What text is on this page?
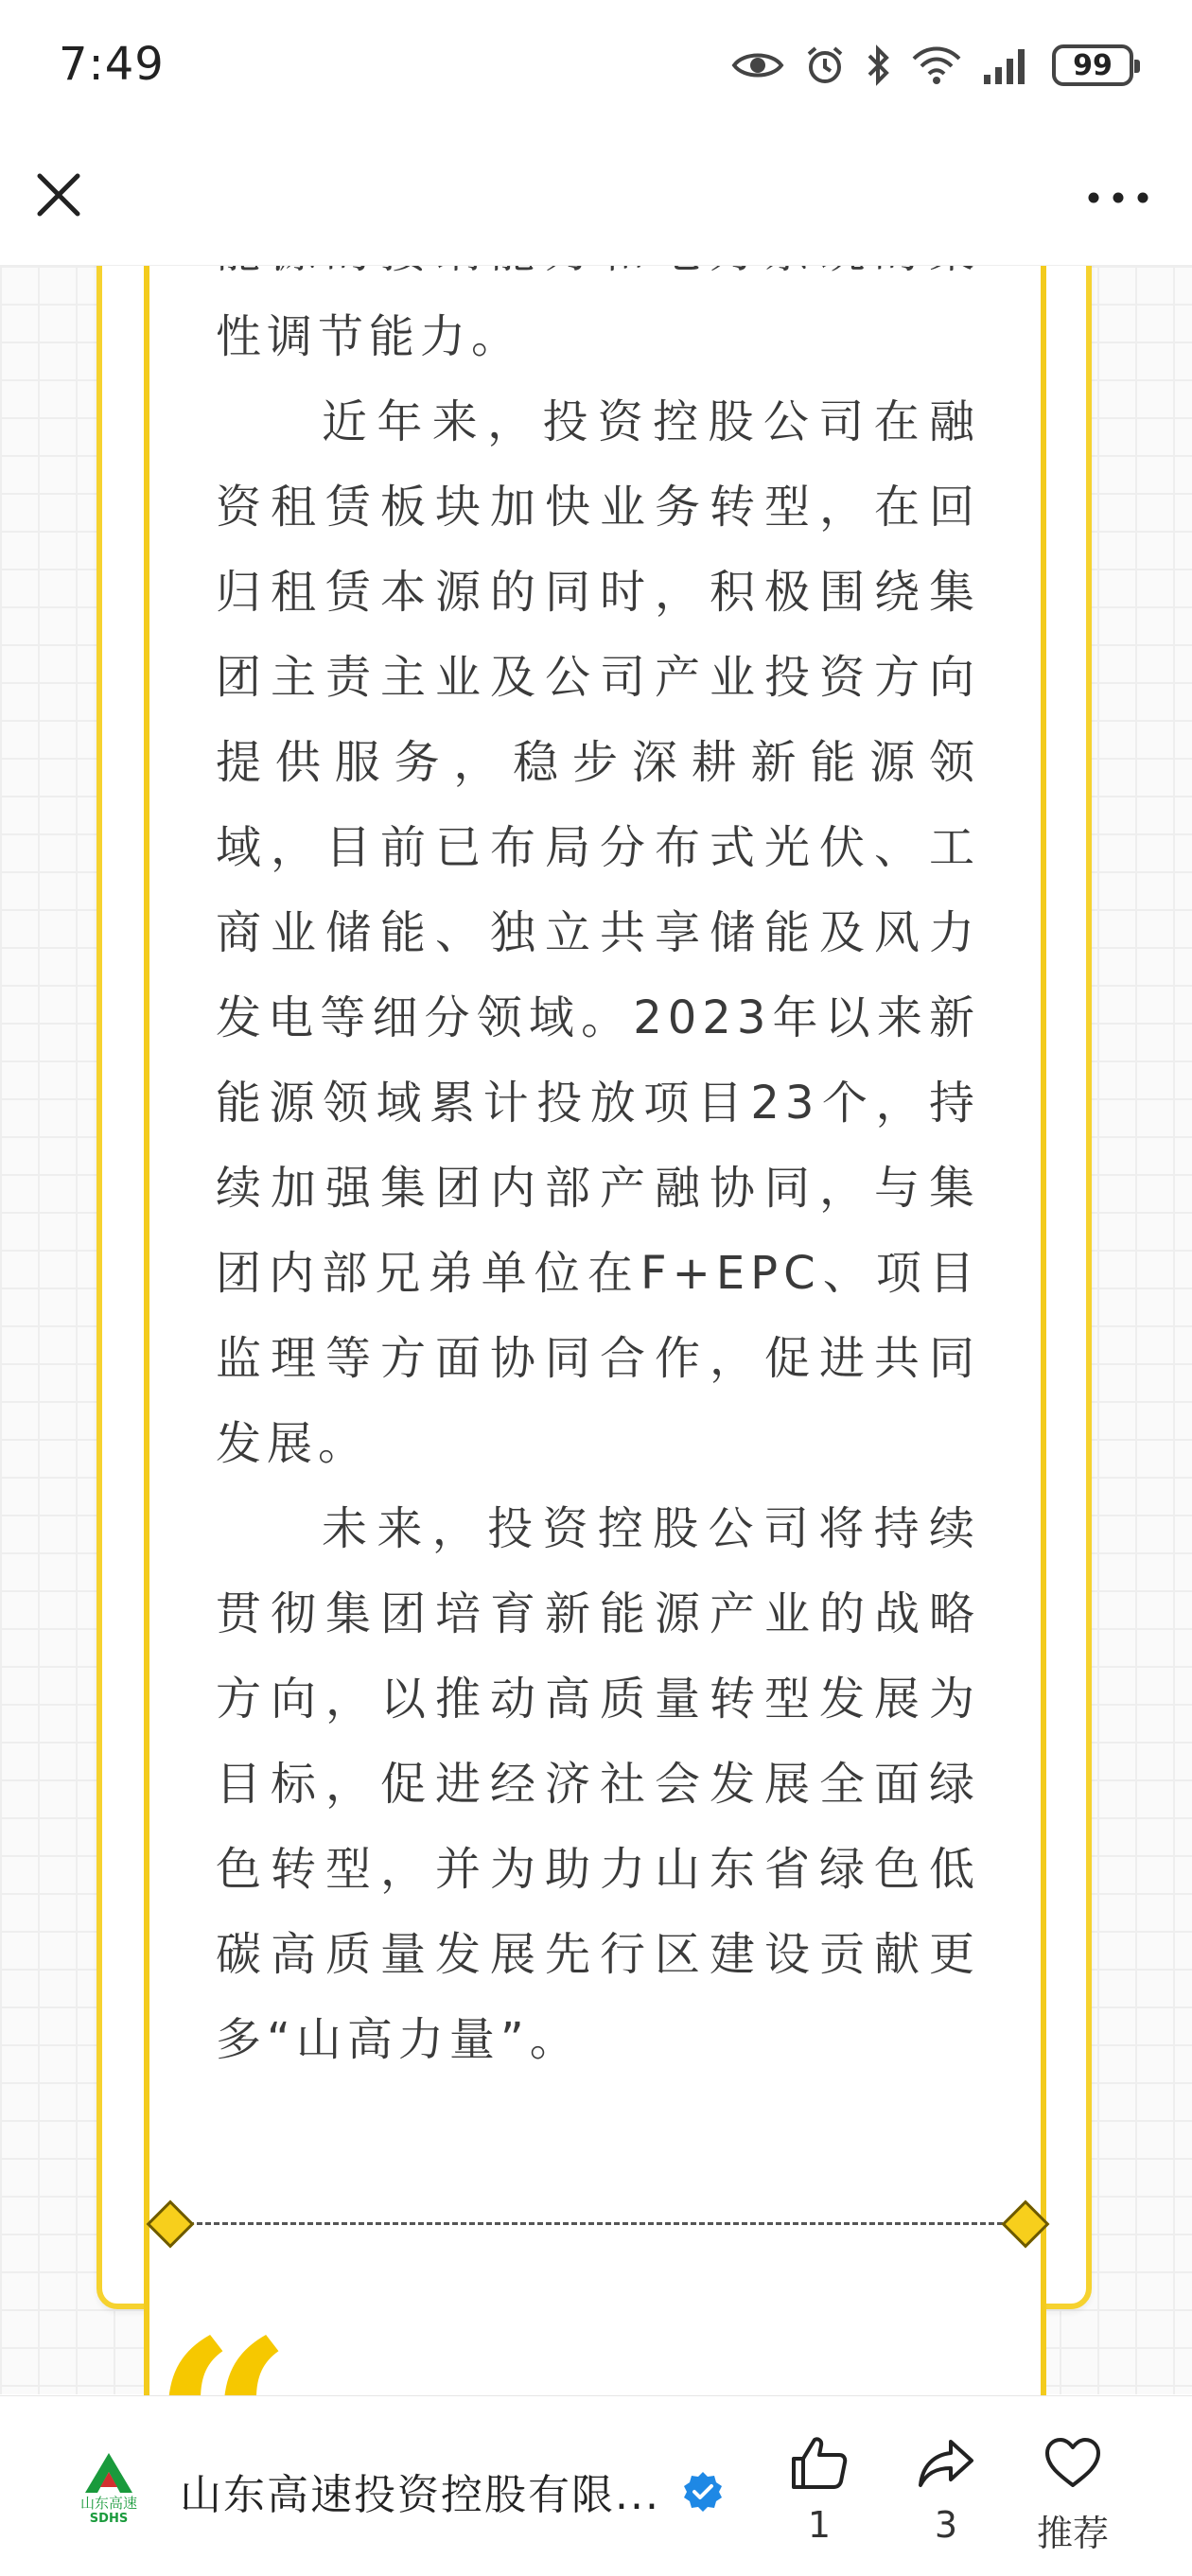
7:49	99

性调节能力。

近年来，投资控股公司在融资租赁板块加快业务转型，在回归租赁本源的同时，积极围绕集团主责主业及公司产业投资方向提供服务，稳步深耕新能源领域，目前已布局分布式光伏、工商业储能、独立共享储能及风力发电等细分领域。2023年以来新能源领域累计投放项目23个，持续加强集团内部产融协同，与集团内部兄弟单位在F+EPC、项目监理等方面协同合作，促进共同发展。

未来，投资控股公司将持续贯彻集团培育新能源产业的战略方向，以推动高质量转型发展为目标，促进经济社会发展全面绿色转型，并为助力山东省绿色低碳高质量发展先行区建设贡献更多“山高力量”。

山东高速
SDHS 山东高速投资控股有限...
1	3	推荐
